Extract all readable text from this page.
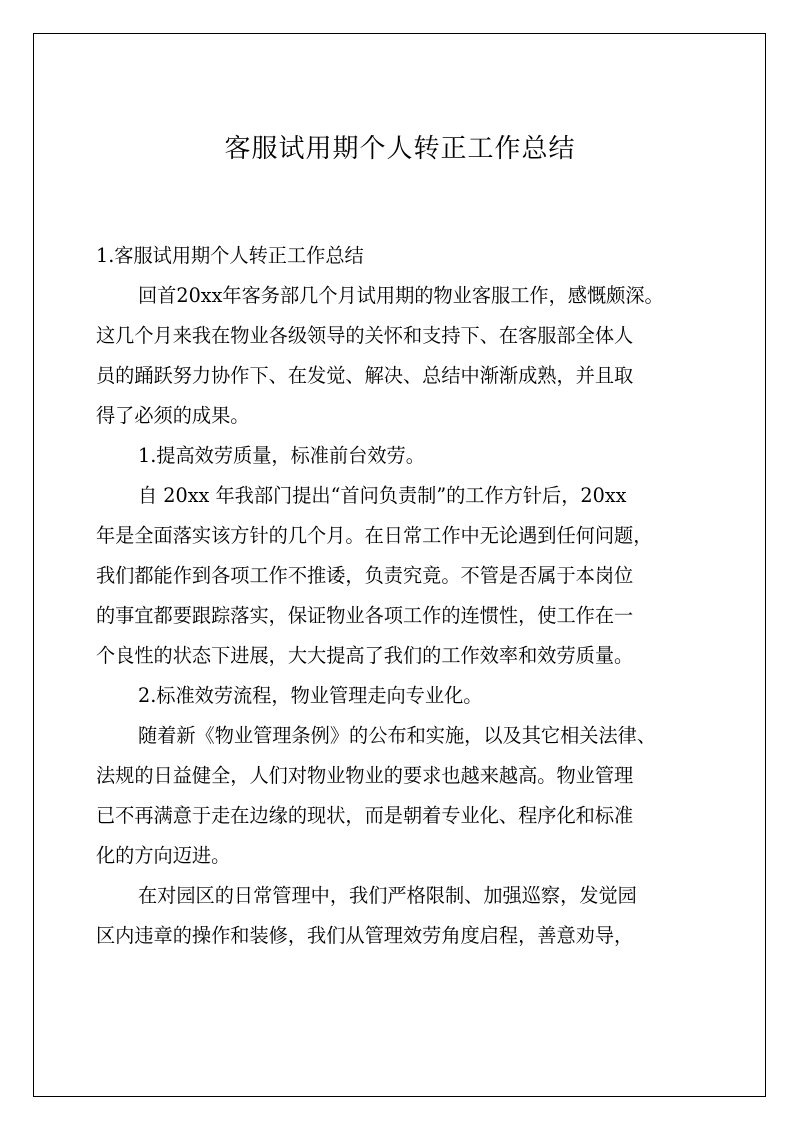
客服试用期个人转正工作总结
1.客服试用期个人转正工作总结
回首20xx年客务部几个月试用期的物业客服工作，感慨颇深。
这几个月来我在物业各级领导的关怀和支持下、在客服部全体人
员的踊跃努力协作下、在发觉、解决、总结中渐渐成熟，并且取
得了必须的成果。
1.提高效劳质量，标准前台效劳。
自 20xx 年我部门提出“首问负责制”的工作方针后，20xx
年是全面落实该方针的几个月。在日常工作中无论遇到任何问题，
我们都能作到各项工作不推诿，负责究竟。不管是否属于本岗位
的事宜都要跟踪落实，保证物业各项工作的连惯性，使工作在一
个良性的状态下进展，大大提高了我们的工作效率和效劳质量。
2.标准效劳流程，物业管理走向专业化。
随着新《物业管理条例》的公布和实施，以及其它相关法律、
法规的日益健全，人们对物业物业的要求也越来越高。物业管理
已不再满意于走在边缘的现状，而是朝着专业化、程序化和标准
化的方向迈进。
在对园区的日常管理中，我们严格限制、加强巡察，发觉园
区内违章的操作和装修，我们从管理效劳角度启程，善意劝导，
